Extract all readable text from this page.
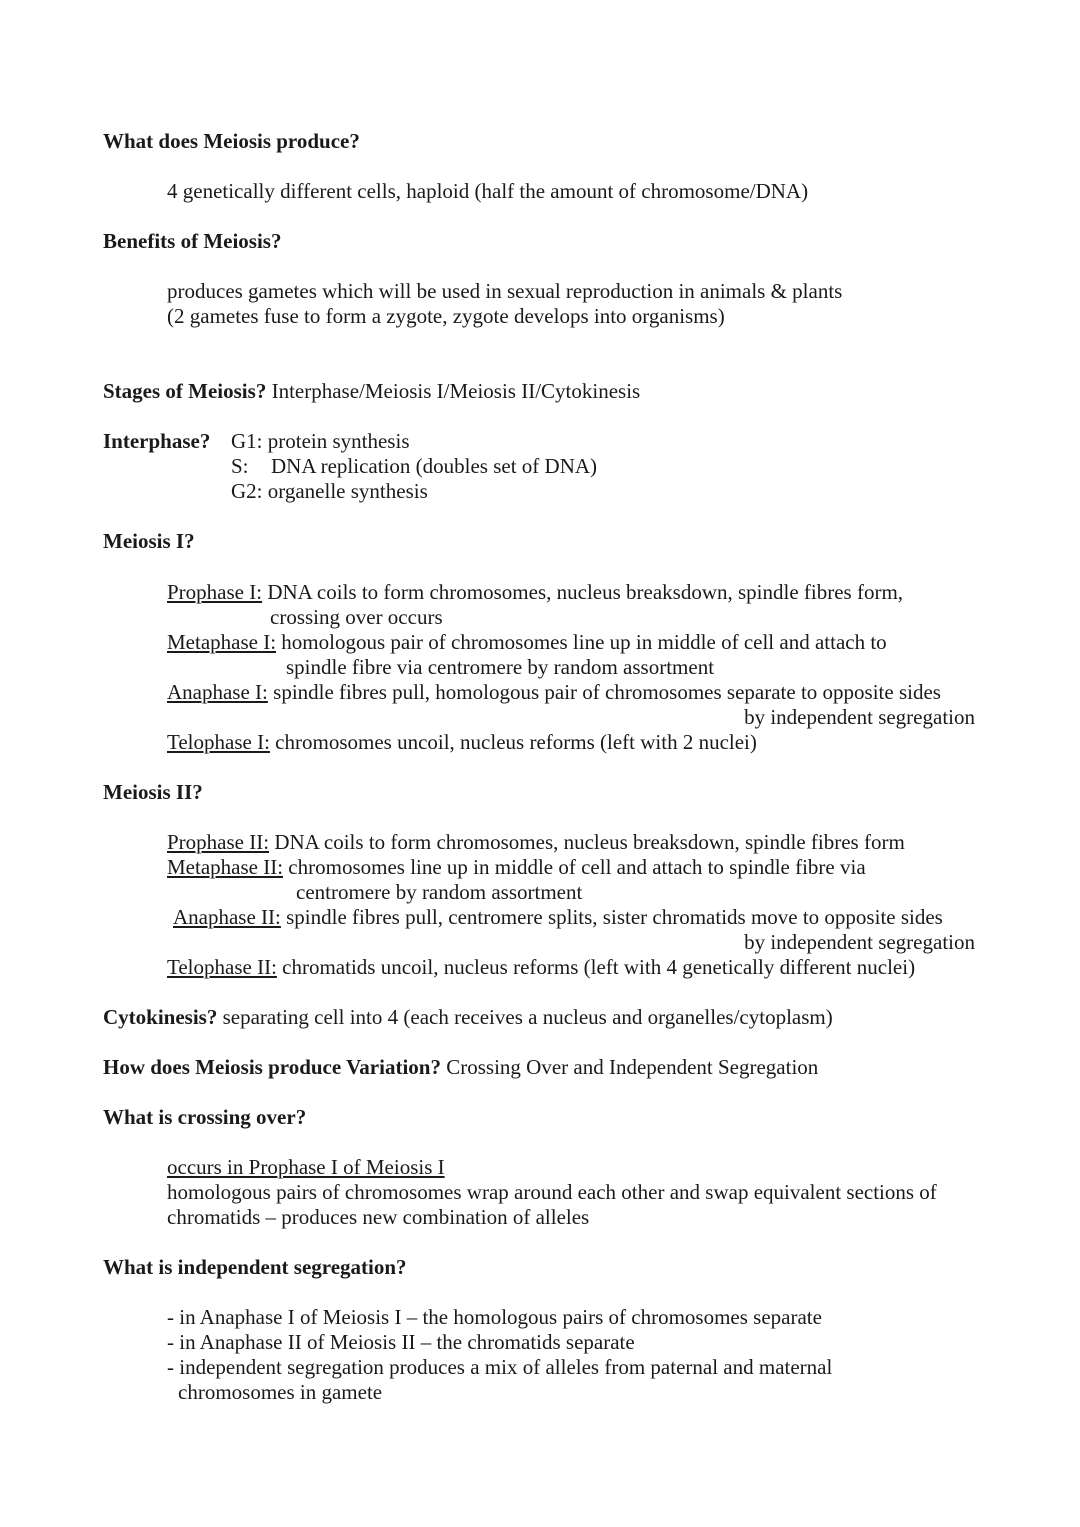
What does Meiosis produce?
4 genetically different cells, haploid (half the amount of chromosome/DNA)
Benefits of Meiosis?
produces gametes which will be used in sexual reproduction in animals & plants
(2 gametes fuse to form a zygote, zygote develops into organisms)
Stages of Meiosis? Interphase/Meiosis I/Meiosis II/Cytokinesis
Interphase? G1: protein synthesis
S: DNA replication (doubles set of DNA)
G2: organelle synthesis
Meiosis I?
Prophase I: DNA coils to form chromosomes, nucleus breaksdown, spindle fibres form,
crossing over occurs
Metaphase I: homologous pair of chromosomes line up in middle of cell and attach to
spindle fibre via centromere by random assortment
Anaphase I: spindle fibres pull, homologous pair of chromosomes separate to opposite sides
by independent segregation
Telophase I: chromosomes uncoil, nucleus reforms (left with 2 nuclei)
Meiosis II?
Prophase II: DNA coils to form chromosomes, nucleus breaksdown, spindle fibres form
Metaphase II: chromosomes line up in middle of cell and attach to spindle fibre via
centromere by random assortment
Anaphase II: spindle fibres pull, centromere splits, sister chromatids move to opposite sides
by independent segregation
Telophase II: chromatids uncoil, nucleus reforms (left with 4 genetically different nuclei)
Cytokinesis? separating cell into 4 (each receives a nucleus and organelles/cytoplasm)
How does Meiosis produce Variation? Crossing Over and Independent Segregation
What is crossing over?
occurs in Prophase I of Meiosis I
homologous pairs of chromosomes wrap around each other and swap equivalent sections of
chromatids – produces new combination of alleles
What is independent segregation?
- in Anaphase I of Meiosis I – the homologous pairs of chromosomes separate
- in Anaphase II of Meiosis II – the chromatids separate
- independent segregation produces a mix of alleles from paternal and maternal
chromosomes in gamete
